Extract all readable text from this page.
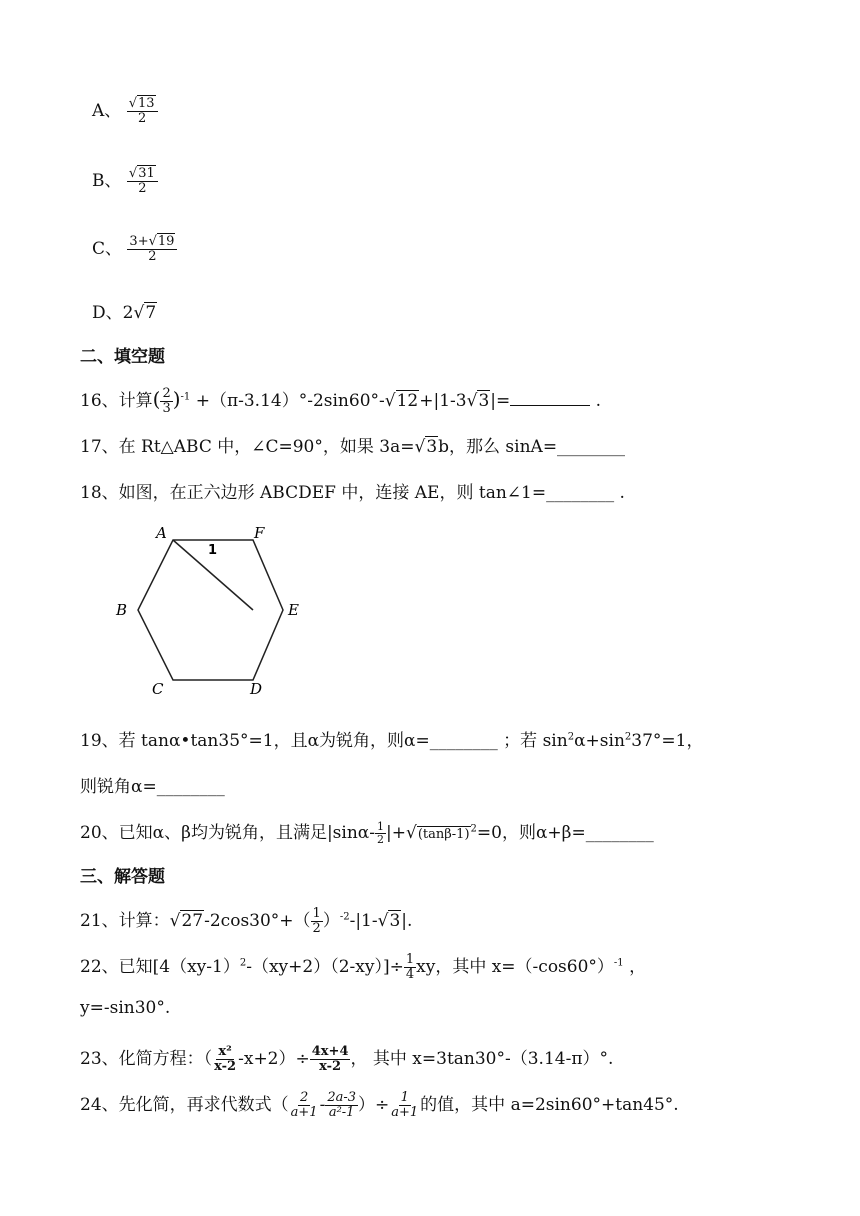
A、 $\frac{√13}{2}$
B、 $\frac{√31}{2}$
C、 $\frac{3+√19}{2}$
D、2√7
二、填空题
16、计算( $\frac{2}{3} )^{-1} +(\pi-3.14)^\circ-2\sin 60^\circ-√12+|1-3√3|=$	.
17、在 Rt△ABC 中，∠C=90°，如果 3a=√3b，那么 sinA=________
18、如图，在正六边形 ABCDEF 中，连接 AE，则 tan∠1=________ .
A	F
B	E
C	D
1
19、若 tanα•tan35°=1，且α为锐角，则α=________ ；若 $\sin^2\alpha+\sin^237^\circ=1$，
则锐角α=________
20、已知α、β均为锐角，且满足$|\sin\alpha- \frac{1}{2} |+√(\tan\beta-1)^2=0$，则α+β=________
三、解答题
21、计算：$√27-2\cos 30^\circ+( \frac{1}{2} )^{-2}-|1-√3|$.
22、已知$[4(xy-1)^2-(xy+2)(2-xy)]\div \frac{1}{4}$ xy，其中 $x=(-\cos 60^\circ)^{-1}$ ，
y=-sin30°.
23、化简方程：（ $\frac{\text{x²}}{x-2} -x+2)\div \frac{4x+4}{x-2}$ ， 其中 x=3tan30°-（3.14-π）°.
24、先化简，再求代数式（ $\frac{2}{a+1} - \frac{2a-3}{\text{a²-1}}$ ）÷ $\frac{1}{a+1}$ 的值，其中 a=2sin60°+tan45°.
